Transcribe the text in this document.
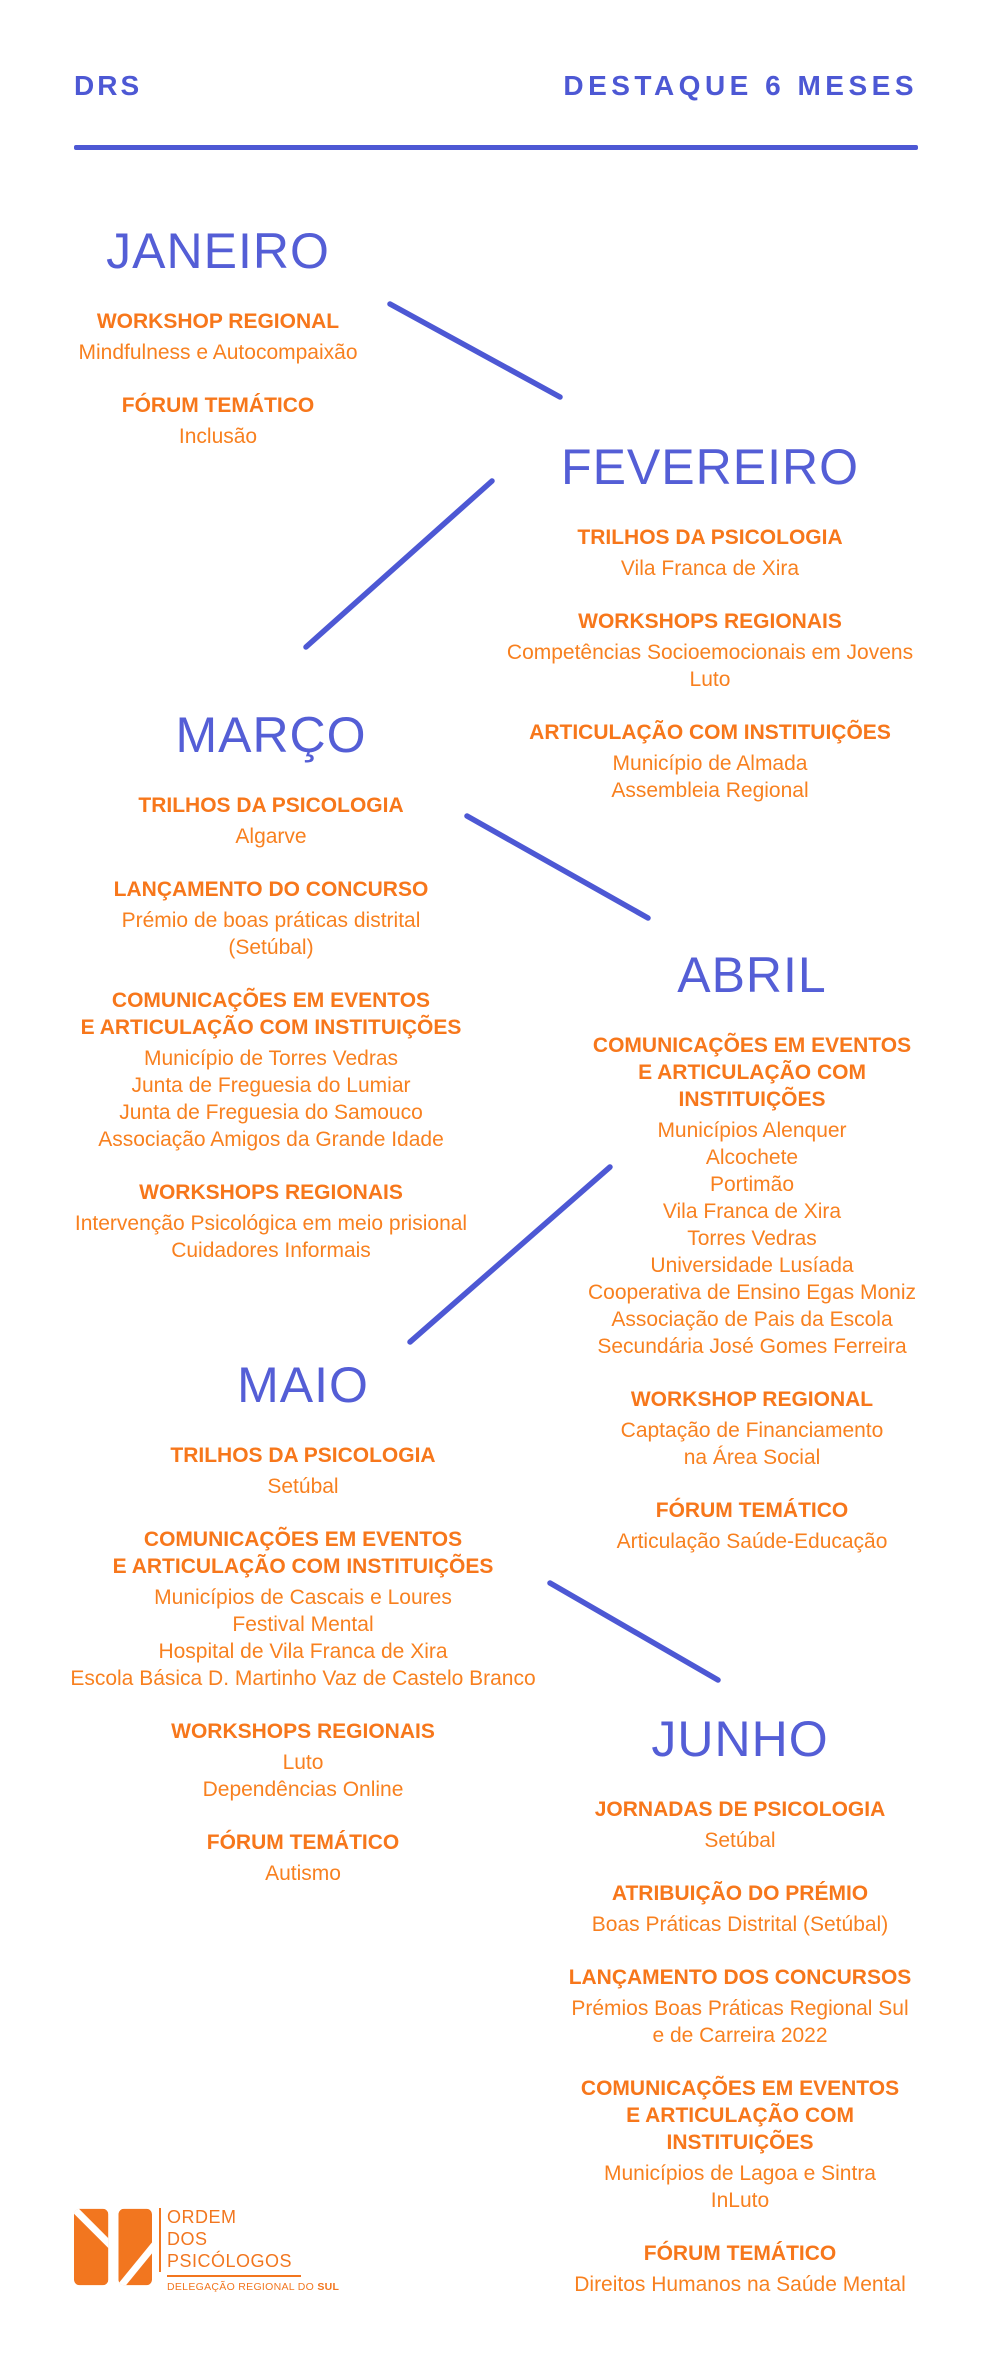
DRS	DESTAQUE 6 MESES
JANEIRO
WORKSHOP REGIONAL
Mindfulness e Autocompaixão
FÓRUM TEMÁTICO
Inclusão
FEVEREIRO
TRILHOS DA PSICOLOGIA
Vila Franca de Xira
WORKSHOPS REGIONAIS
Competências Socioemocionais em Jovens
Luto
ARTICULAÇÃO COM INSTITUIÇÕES
Município de Almada
Assembleia Regional
MARÇO
TRILHOS DA PSICOLOGIA
Algarve
LANÇAMENTO DO CONCURSO
Prémio de boas práticas distrital
(Setúbal)
COMUNICAÇÕES EM EVENTOS
E ARTICULAÇÃO COM INSTITUIÇÕES
Município de Torres Vedras
Junta de Freguesia do Lumiar
Junta de Freguesia do Samouco
Associação Amigos da Grande Idade
WORKSHOPS REGIONAIS
Intervenção Psicológica em meio prisional
Cuidadores Informais
ABRIL
COMUNICAÇÕES EM EVENTOS
E ARTICULAÇÃO COM
INSTITUIÇÕES
Municípios Alenquer
Alcochete
Portimão
Vila Franca de Xira
Torres Vedras
Universidade Lusíada
Cooperativa de Ensino Egas Moniz
Associação de Pais da Escola
Secundária José Gomes Ferreira
WORKSHOP REGIONAL
Captação de Financiamento
na Área Social
FÓRUM TEMÁTICO
Articulação Saúde-Educação
MAIO
TRILHOS DA PSICOLOGIA
Setúbal
COMUNICAÇÕES EM EVENTOS
E ARTICULAÇÃO COM INSTITUIÇÕES
Municípios de Cascais e Loures
Festival Mental
Hospital de Vila Franca de Xira
Escola Básica D. Martinho Vaz de Castelo Branco
WORKSHOPS REGIONAIS
Luto
Dependências Online
FÓRUM TEMÁTICO
Autismo
JUNHO
JORNADAS DE PSICOLOGIA
Setúbal
ATRIBUIÇÃO DO PRÉMIO
Boas Práticas Distrital (Setúbal)
LANÇAMENTO DOS CONCURSOS
Prémios Boas Práticas Regional Sul
e de Carreira 2022
COMUNICAÇÕES EM EVENTOS
E ARTICULAÇÃO COM
INSTITUIÇÕES
Municípios de Lagoa e Sintra
InLuto
FÓRUM TEMÁTICO
Direitos Humanos na Saúde Mental
ORDEM
DOS
PSICÓLOGOS
DELEGAÇÃO REGIONAL DO SUL
